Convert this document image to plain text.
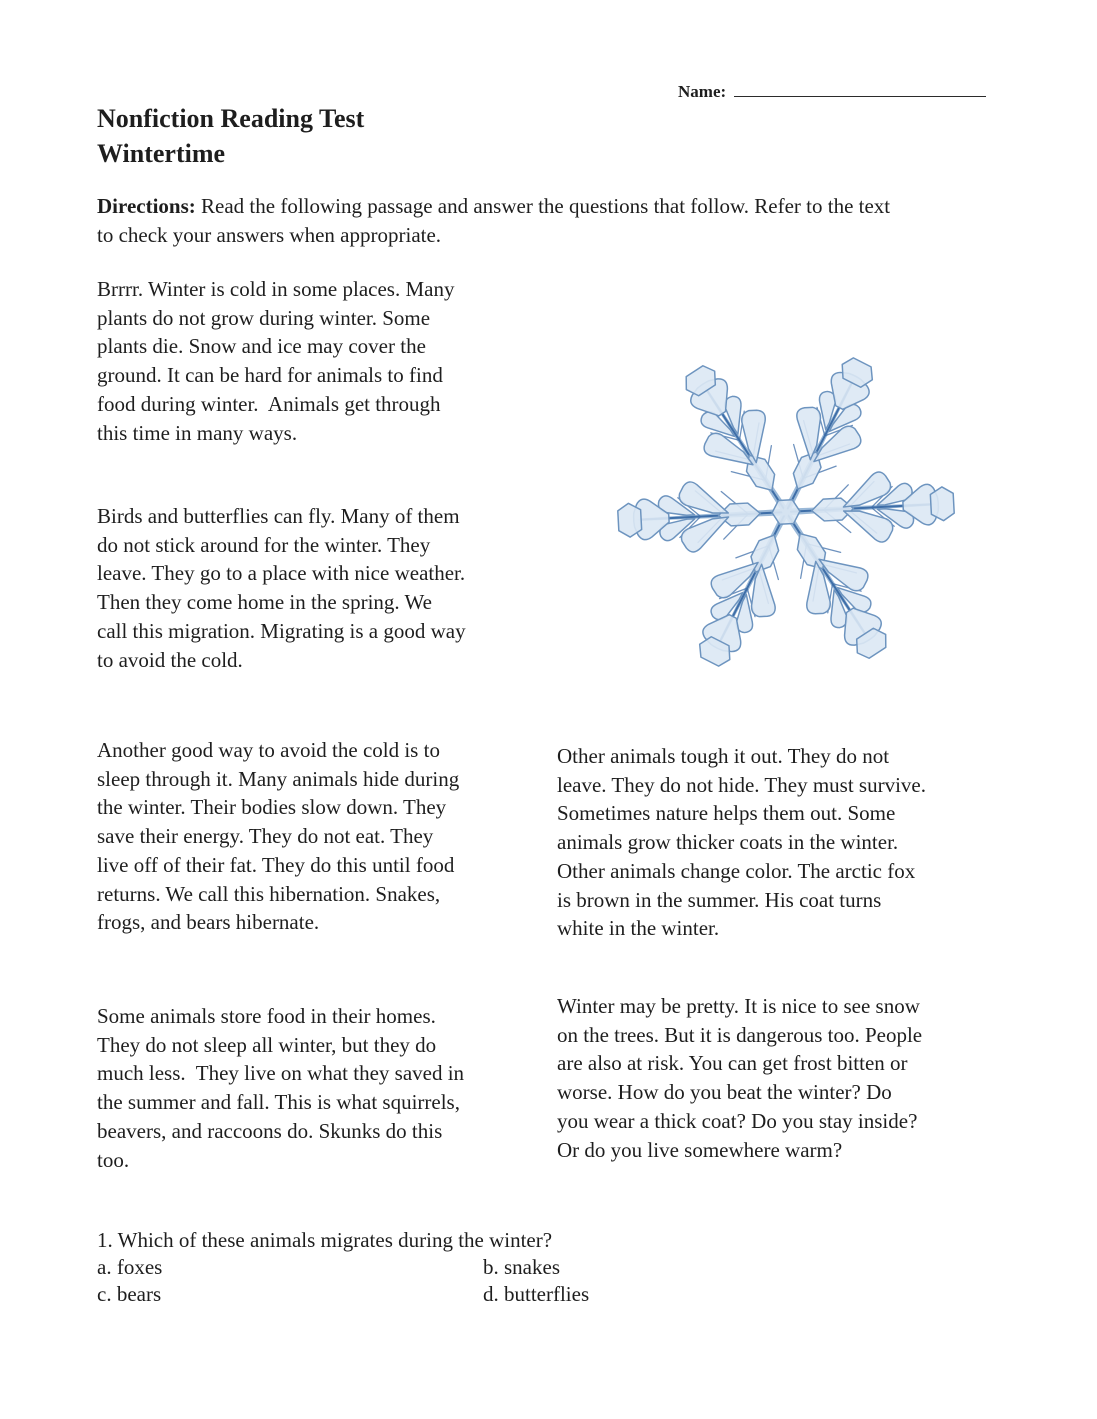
Name:
Nonfiction Reading Test
Wintertime
Directions: Read the following passage and answer the questions that follow. Refer to the text
to check your answers when appropriate.
Brrrr. Winter is cold in some places. Many
plants do not grow during winter. Some
plants die. Snow and ice may cover the
ground. It can be hard for animals to find
food during winter.  Animals get through
this time in many ways.
Birds and butterflies can fly. Many of them
do not stick around for the winter. They
leave. They go to a place with nice weather.
Then they come home in the spring. We
call this migration. Migrating is a good way
to avoid the cold.
Another good way to avoid the cold is to
sleep through it. Many animals hide during
the winter. Their bodies slow down. They
save their energy. They do not eat. They
live off of their fat. They do this until food
returns. We call this hibernation. Snakes,
frogs, and bears hibernate.
Other animals tough it out. They do not
leave. They do not hide. They must survive.
Sometimes nature helps them out. Some
animals grow thicker coats in the winter.
Other animals change color. The arctic fox
is brown in the summer. His coat turns
white in the winter.
Some animals store food in their homes.
They do not sleep all winter, but they do
much less.  They live on what they saved in
the summer and fall. This is what squirrels,
beavers, and raccoons do. Skunks do this
too.
Winter may be pretty. It is nice to see snow
on the trees. But it is dangerous too. People
are also at risk. You can get frost bitten or
worse. How do you beat the winter? Do
you wear a thick coat? Do you stay inside?
Or do you live somewhere warm?
1. Which of these animals migrates during the winter?
a. foxes	b. snakes
c. bears	d. butterflies
